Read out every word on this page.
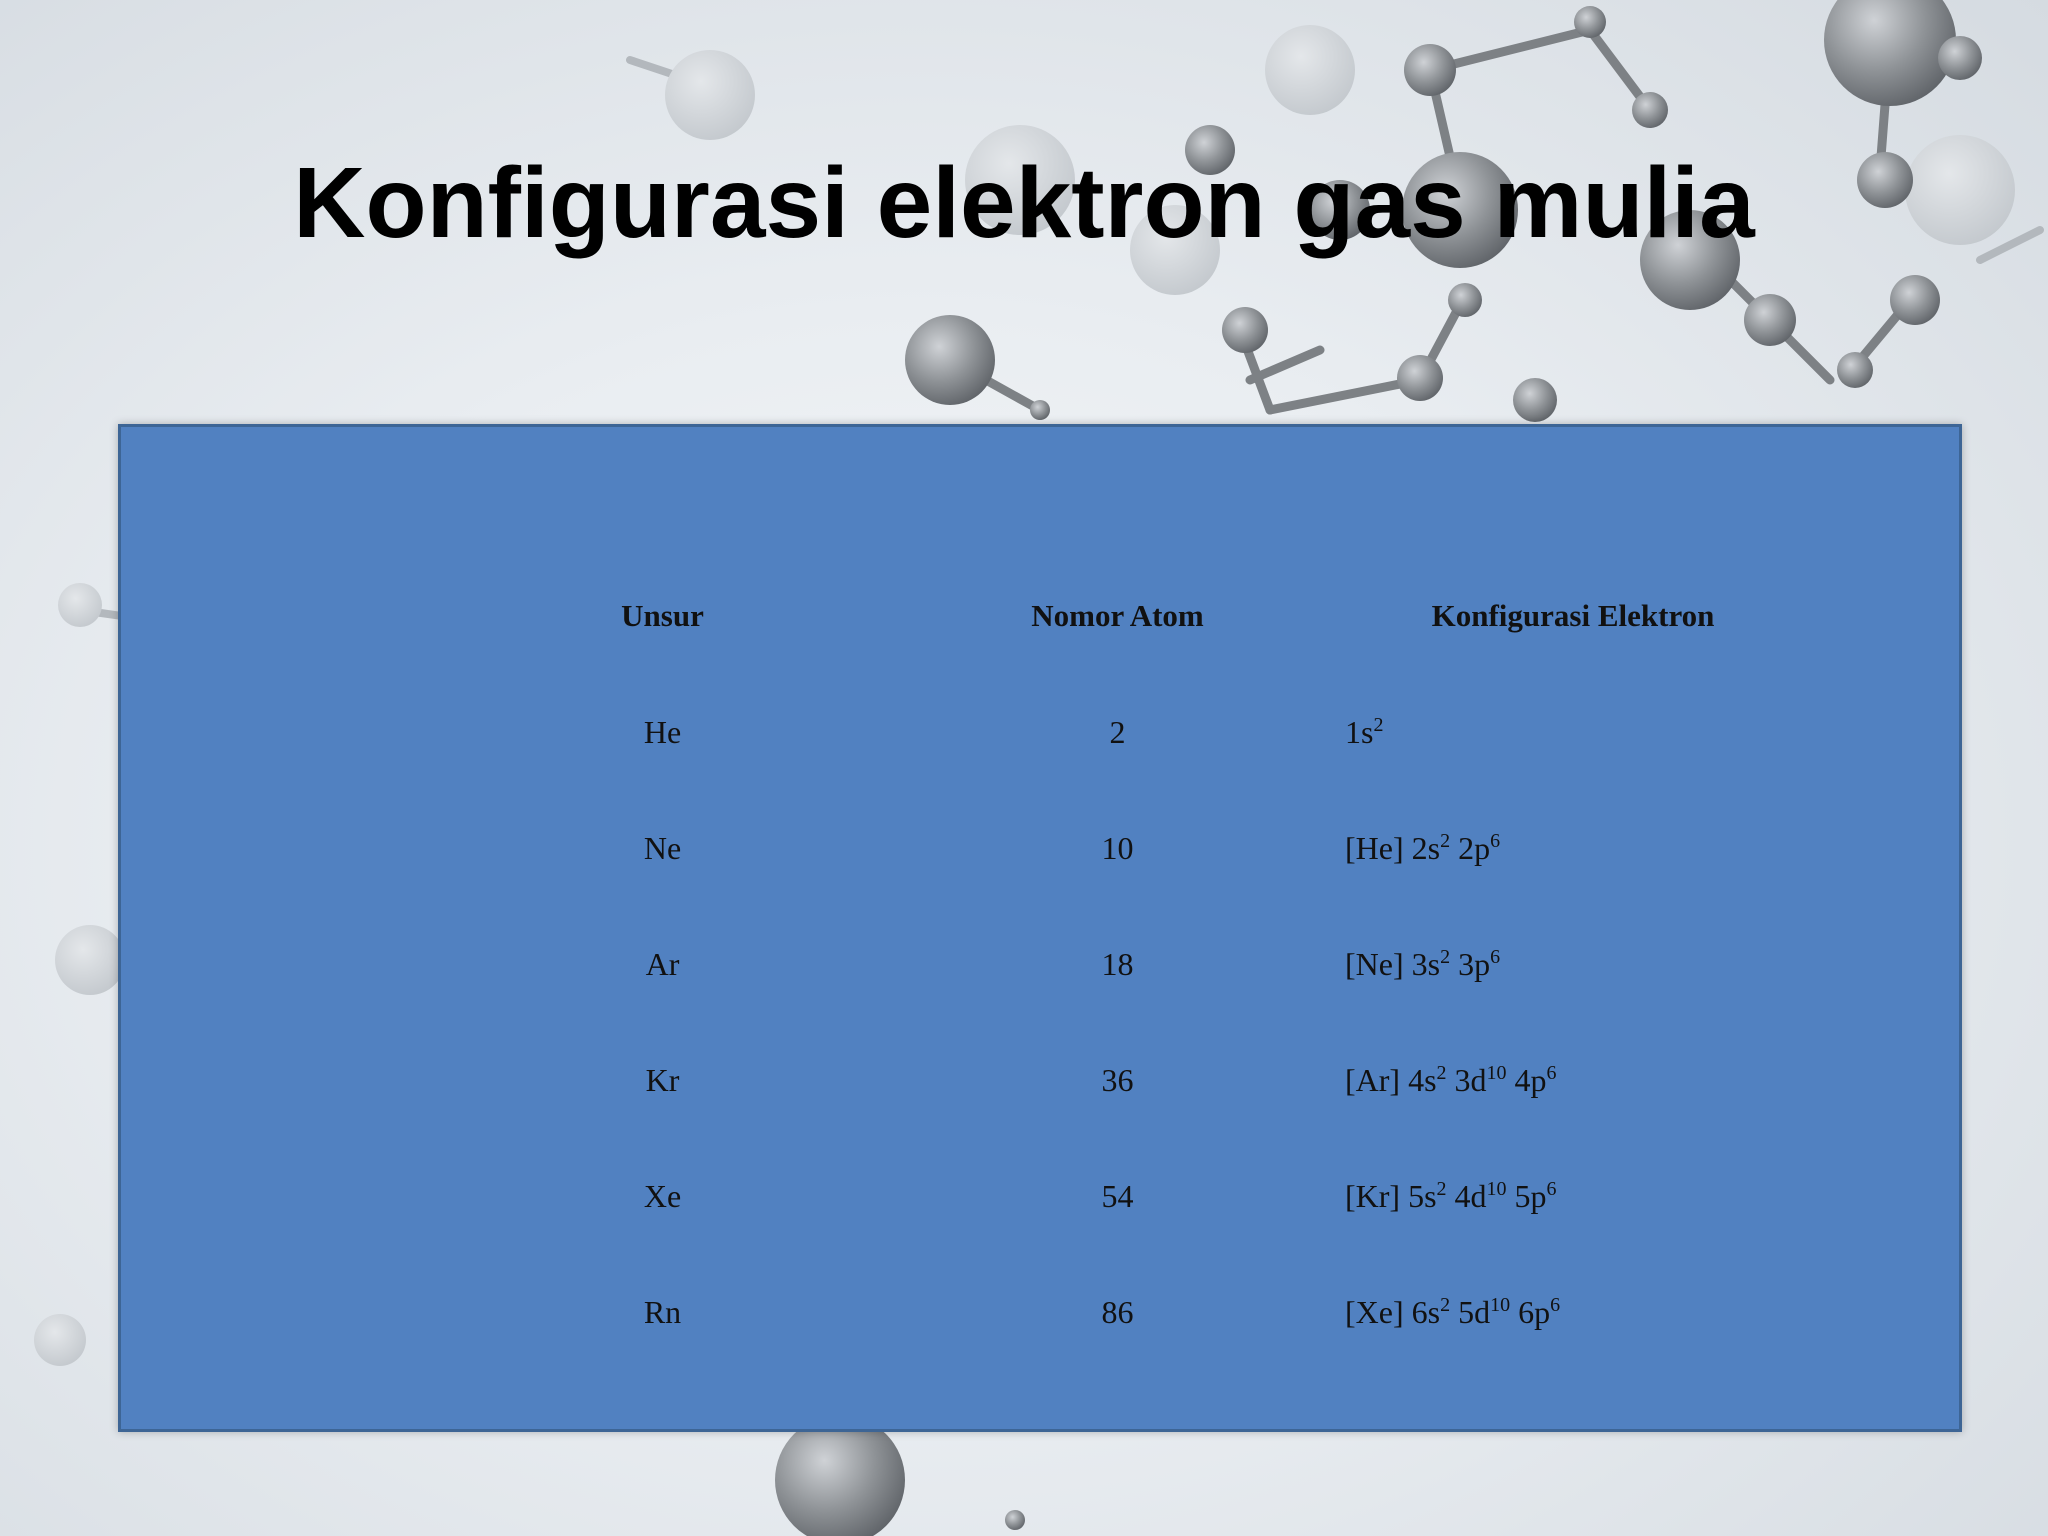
Konfigurasi elektron gas mulia
Unsur	Nomor Atom	Konfigurasi Elektron
He	2	$1s^2$
Ne	10	[He] $2s^2$ $2p^6$
Ar	18	[Ne] $3s^2$ $3p^6$
Kr	36	[Ar] $4s^2$ $3d^{10}$ $4p^6$
Xe	54	[Kr] $5s^2$ $4d^{10}$ $5p^6$
Rn	86	[Xe] $6s^2$ $5d^{10}$ $6p^6$
